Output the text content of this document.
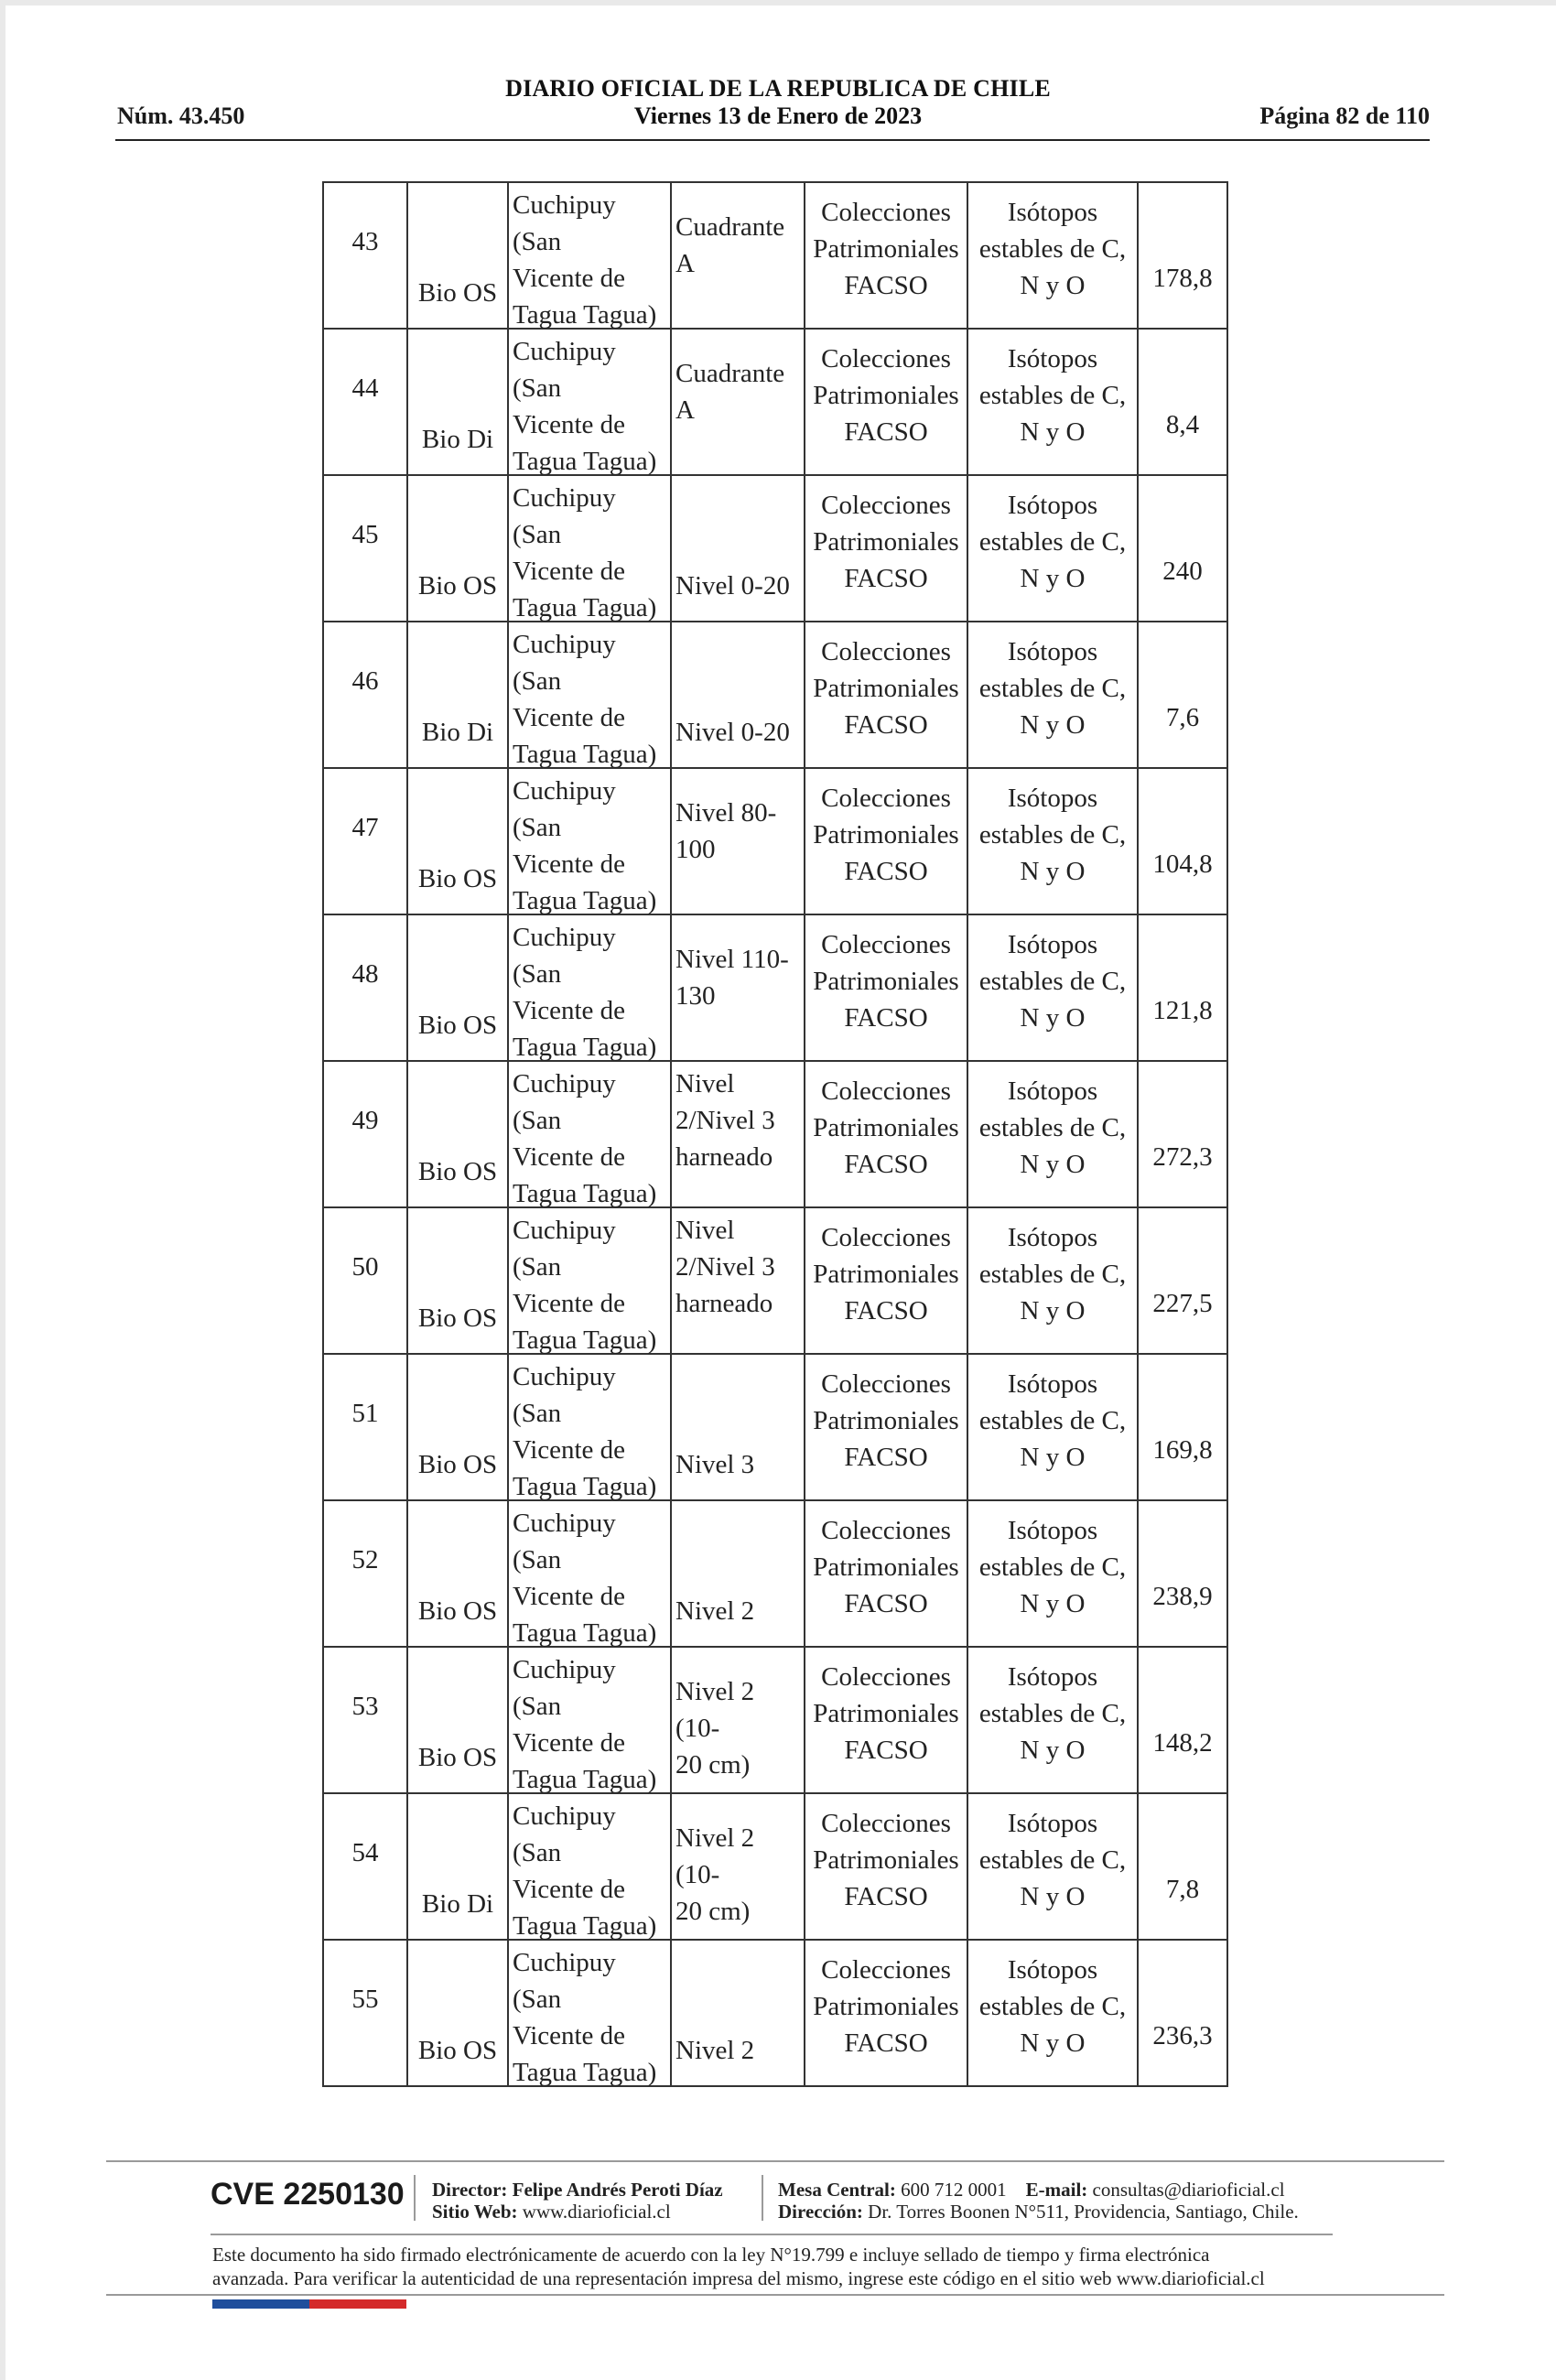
DIARIO OFICIAL DE LA REPUBLICA DE CHILE
Núm. 43.450	Viernes 13 de Enero de 2023	Página 82 de 110
43	Bio OS	Cuchipuy (San
Vicente de
Tagua Tagua)	Cuadrante
A	Colecciones
Patrimoniales
FACSO	Isótopos
estables de C,
N y O	178,8

44	Bio Di	Cuchipuy (San
Vicente de
Tagua Tagua)	Cuadrante
A	Colecciones
Patrimoniales
FACSO	Isótopos
estables de C,
N y O	8,4

45	Bio OS	Cuchipuy (San
Vicente de
Tagua Tagua)	Nivel 0-20	Colecciones
Patrimoniales
FACSO	Isótopos
estables de C,
N y O	240

46	Bio Di	Cuchipuy (San
Vicente de
Tagua Tagua)	Nivel 0-20	Colecciones
Patrimoniales
FACSO	Isótopos
estables de C,
N y O	7,6

47	Bio OS	Cuchipuy (San
Vicente de
Tagua Tagua)	Nivel 80-
100	Colecciones
Patrimoniales
FACSO	Isótopos
estables de C,
N y O	104,8

48	Bio OS	Cuchipuy (San
Vicente de
Tagua Tagua)	Nivel 110-
130	Colecciones
Patrimoniales
FACSO	Isótopos
estables de C,
N y O	121,8

49	Bio OS	Cuchipuy (San
Vicente de
Tagua Tagua)	Nivel
2/Nivel 3
harneado	Colecciones
Patrimoniales
FACSO	Isótopos
estables de C,
N y O	272,3

50	Bio OS	Cuchipuy (San
Vicente de
Tagua Tagua)	Nivel
2/Nivel 3
harneado	Colecciones
Patrimoniales
FACSO	Isótopos
estables de C,
N y O	227,5

51	Bio OS	Cuchipuy (San
Vicente de
Tagua Tagua)	Nivel 3	Colecciones
Patrimoniales
FACSO	Isótopos
estables de C,
N y O	169,8

52	Bio OS	Cuchipuy (San
Vicente de
Tagua Tagua)	Nivel 2	Colecciones
Patrimoniales
FACSO	Isótopos
estables de C,
N y O	238,9

53	Bio OS	Cuchipuy (San
Vicente de
Tagua Tagua)	Nivel 2 (10-
20 cm)	Colecciones
Patrimoniales
FACSO	Isótopos
estables de C,
N y O	148,2

54	Bio Di	Cuchipuy (San
Vicente de
Tagua Tagua)	Nivel 2 (10-
20 cm)	Colecciones
Patrimoniales
FACSO	Isótopos
estables de C,
N y O	7,8

55	Bio OS	Cuchipuy (San
Vicente de
Tagua Tagua)	Nivel 2	Colecciones
Patrimoniales
FACSO	Isótopos
estables de C,
N y O	236,3
CVE 2250130 Director: Felipe Andrés Peroti Díaz
Sitio Web: www.diarioficial.cl
Mesa Central: 600 712 0001 E-mail: consultas@diarioficial.cl
Dirección: Dr. Torres Boonen N°511, Providencia, Santiago, Chile.
Este documento ha sido firmado electrónicamente de acuerdo con la ley N°19.799 e incluye sellado de tiempo y firma electrónica
avanzada. Para verificar la autenticidad de una representación impresa del mismo, ingrese este código en el sitio web www.diarioficial.cl
